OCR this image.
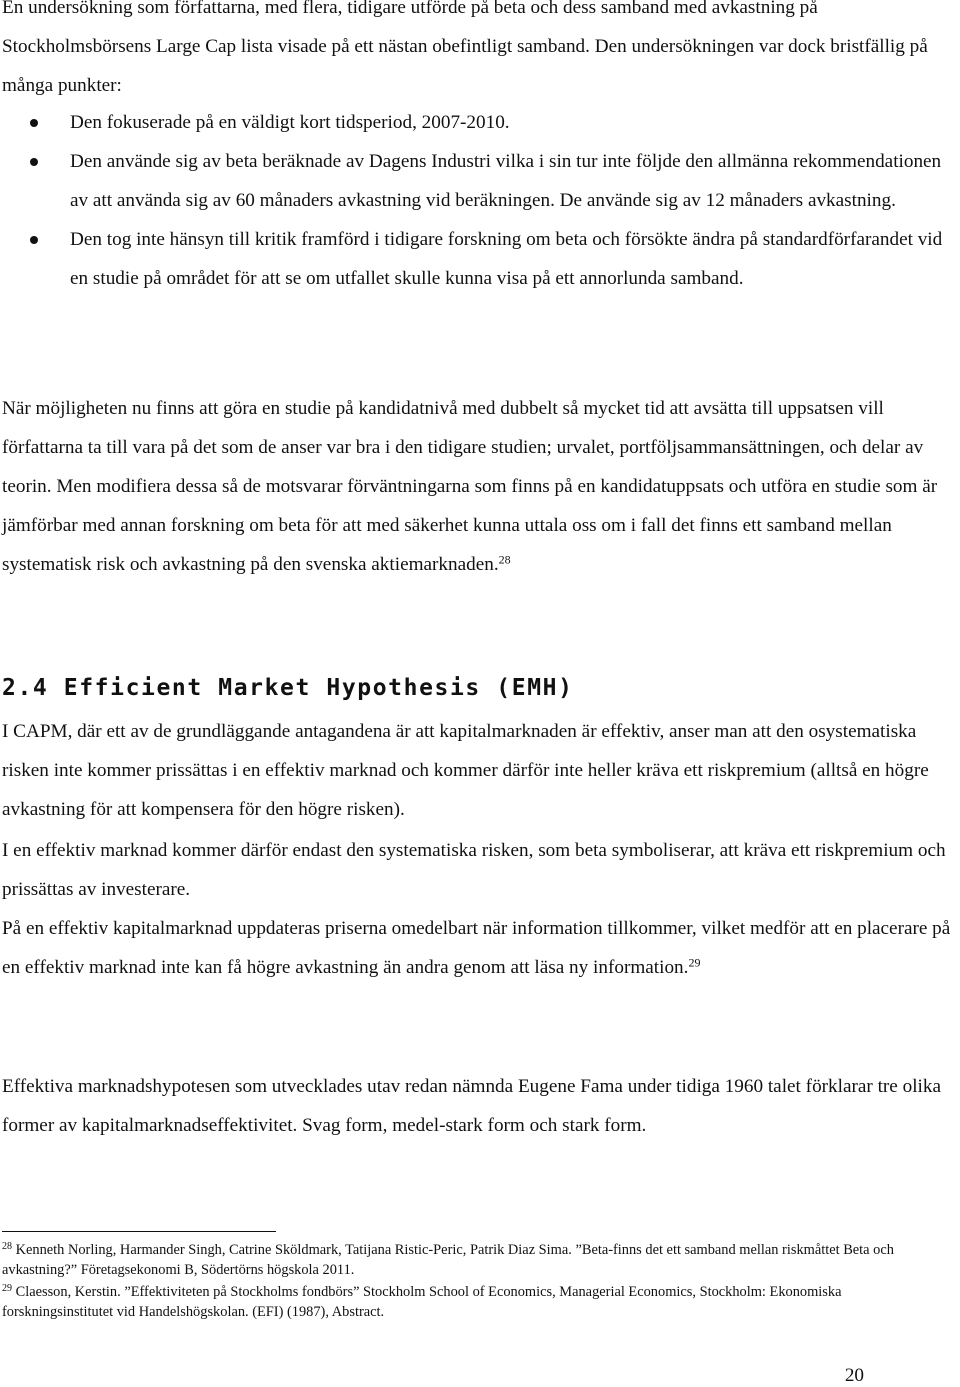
En undersökning som författarna, med flera, tidigare utförde på beta och dess samband med avkastning på Stockholmsbörsens Large Cap lista visade på ett nästan obefintligt samband. Den undersökningen var dock bristfällig på många punkter:

Den fokuserade på en väldigt kort tidsperiod, 2007-2010.
Den använde sig av beta beräknade av Dagens Industri vilka i sin tur inte följde den allmänna rekommendationen av att använda sig av 60 månaders avkastning vid beräkningen. De använde sig av 12 månaders avkastning.
Den tog inte hänsyn till kritik framförd i tidigare forskning om beta och försökte ändra på standardförfarandet vid en studie på området för att se om utfallet skulle kunna visa på ett annorlunda samband.

När möjligheten nu finns att göra en studie på kandidatnivå med dubbelt så mycket tid att avsätta till uppsatsen vill författarna ta till vara på det som de anser var bra i den tidigare studien; urvalet, portföljsammansättningen, och delar av teorin. Men modifiera dessa så de motsvarar förväntningarna som finns på en kandidatuppsats och utföra en studie som är jämförbar med annan forskning om beta för att med säkerhet kunna uttala oss om i fall det finns ett samband mellan systematisk risk och avkastning på den svenska aktiemarknaden.$^{28}$

2.4 Efficient Market Hypothesis (EMH)

I CAPM, där ett av de grundläggande antagandena är att kapitalmarknaden är effektiv, anser man att den osystematiska risken inte kommer prissättas i en effektiv marknad och kommer därför inte heller kräva ett riskpremium (alltså en högre avkastning för att kompensera för den högre risken).

I en effektiv marknad kommer därför endast den systematiska risken, som beta symboliserar, att kräva ett riskpremium och prissättas av investerare.

På en effektiv kapitalmarknad uppdateras priserna omedelbart när information tillkommer, vilket medför att en placerare på en effektiv marknad inte kan få högre avkastning än andra genom att läsa ny information.$^{29}$

Effektiva marknadshypotesen som utvecklades utav redan nämnda Eugene Fama under tidiga 1960 talet förklarar tre olika former av kapitalmarknadseffektivitet. Svag form, medel-stark form och stark form.

$^{28}$ Kenneth Norling, Harmander Singh, Catrine Sköldmark, Tatijana Ristic-Peric, Patrik Diaz Sima. ”Beta-finns det ett samband mellan riskmåttet Beta och avkastning?” Företagsekonomi B, Södertörns högskola 2011.

$^{29}$ Claesson, Kerstin. ”Effektiviteten på Stockholms fondbörs” Stockholm School of Economics, Managerial Economics, Stockholm: Ekonomiska forskningsinstitutet vid Handelshögskolan. (EFI) (1987), Abstract.

20
